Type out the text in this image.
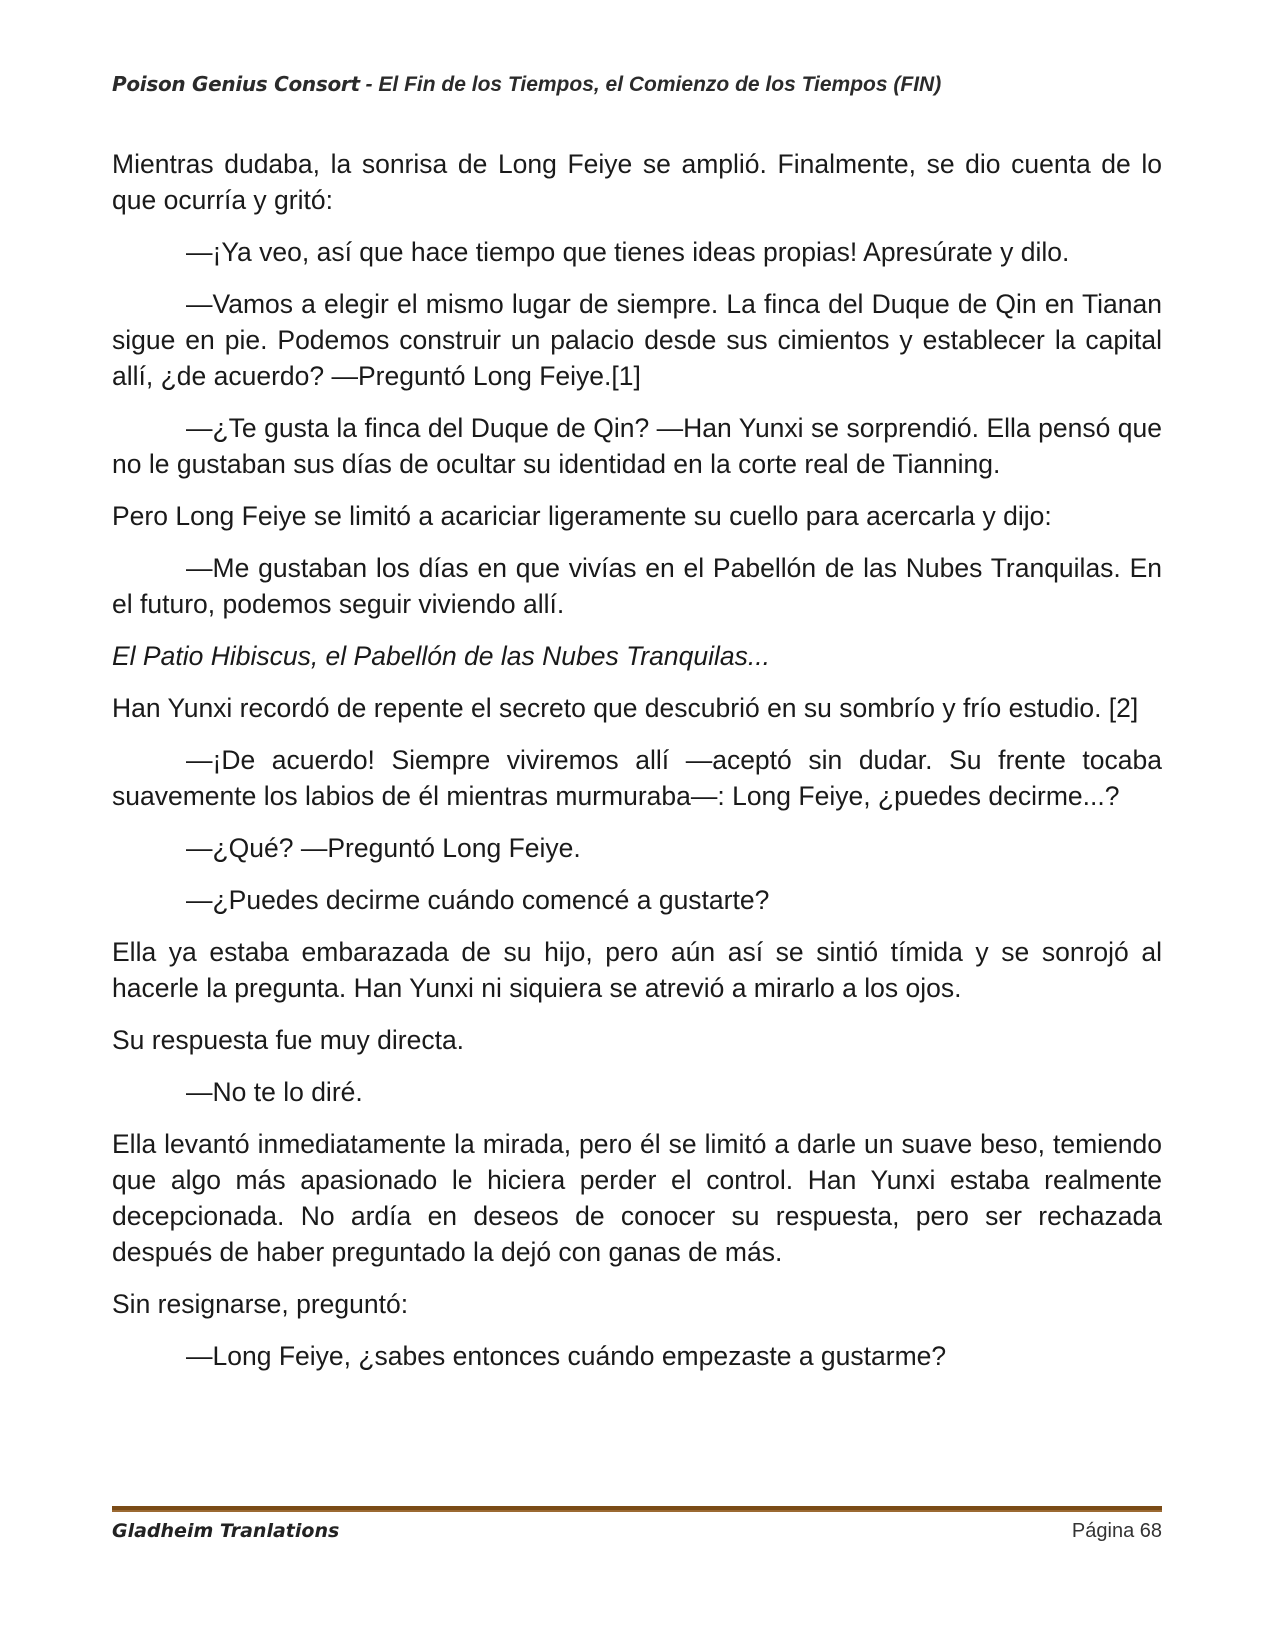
Poison Genius Consort - El Fin de los Tiempos, el Comienzo de los Tiempos (FIN)

Mientras dudaba, la sonrisa de Long Feiye se amplió. Finalmente, se dio cuenta de lo que ocurría y gritó:

—¡Ya veo, así que hace tiempo que tienes ideas propias! Apresúrate y dilo.

—Vamos a elegir el mismo lugar de siempre. La finca del Duque de Qin en Tianan sigue en pie. Podemos construir un palacio desde sus cimientos y establecer la capital allí, ¿de acuerdo? —Preguntó Long Feiye.[1]

—¿Te gusta la finca del Duque de Qin? —Han Yunxi se sorprendió. Ella pensó que no le gustaban sus días de ocultar su identidad en la corte real de Tianning.

Pero Long Feiye se limitó a acariciar ligeramente su cuello para acercarla y dijo:

—Me gustaban los días en que vivías en el Pabellón de las Nubes Tranquilas. En el futuro, podemos seguir viviendo allí.

El Patio Hibiscus, el Pabellón de las Nubes Tranquilas...

Han Yunxi recordó de repente el secreto que descubrió en su sombrío y frío estudio. [2]

—¡De acuerdo! Siempre viviremos allí —aceptó sin dudar. Su frente tocaba suavemente los labios de él mientras murmuraba—: Long Feiye, ¿puedes decirme...?

—¿Qué? —Preguntó Long Feiye.

—¿Puedes decirme cuándo comencé a gustarte?

Ella ya estaba embarazada de su hijo, pero aún así se sintió tímida y se sonrojó al hacerle la pregunta. Han Yunxi ni siquiera se atrevió a mirarlo a los ojos.

Su respuesta fue muy directa.

—No te lo diré.

Ella levantó inmediatamente la mirada, pero él se limitó a darle un suave beso, temiendo que algo más apasionado le hiciera perder el control. Han Yunxi estaba realmente decepcionada. No ardía en deseos de conocer su respuesta, pero ser rechazada después de haber preguntado la dejó con ganas de más.

Sin resignarse, preguntó:

—Long Feiye, ¿sabes entonces cuándo empezaste a gustarme?

Gladheim Tranlations	Página 68
